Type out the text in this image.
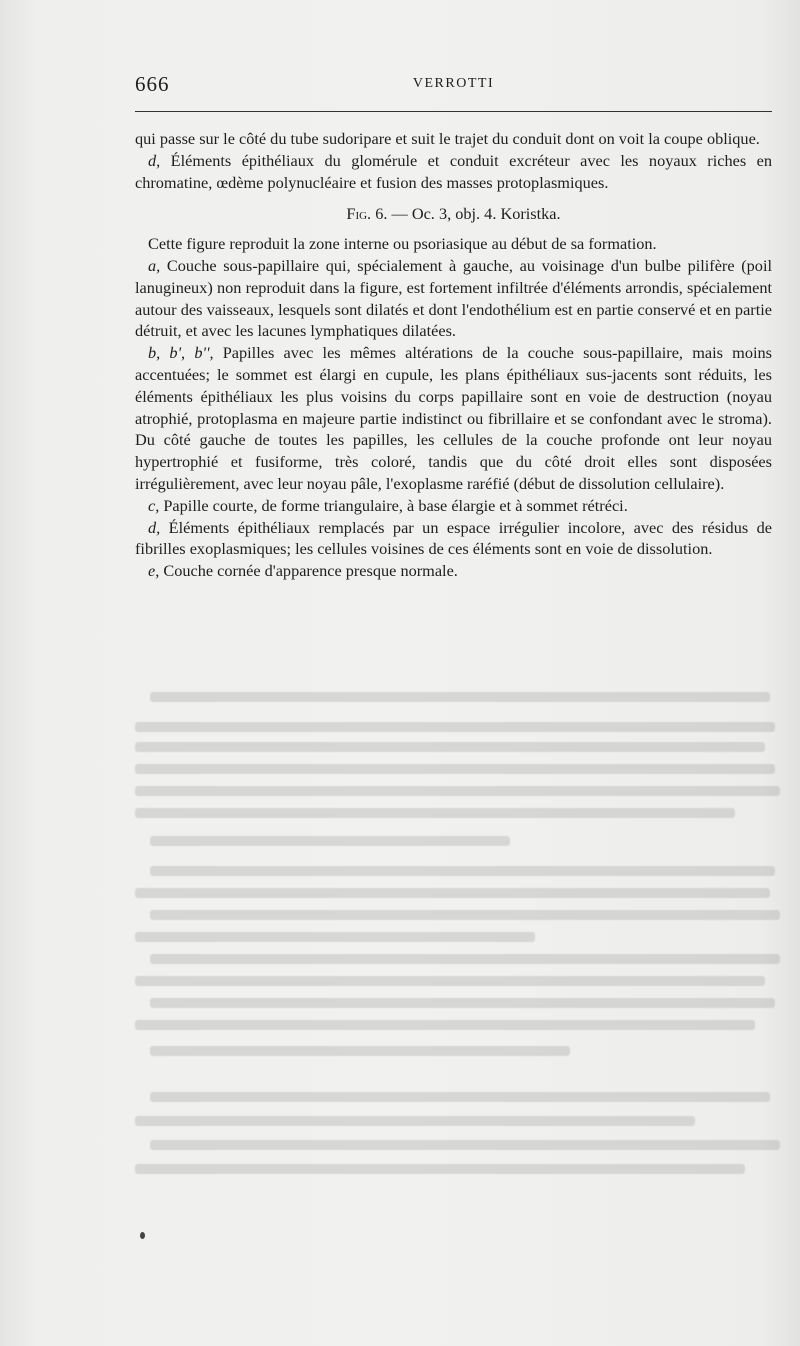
666	VERROTTI

qui passe sur le côté du tube sudoripare et suit le trajet du conduit dont on voit la coupe oblique.

d, Éléments épithéliaux du glomérule et conduit excréteur avec les noyaux riches en chromatine, œdème polynucléaire et fusion des masses protoplasmiques.

Fig. 6. — Oc. 3, obj. 4. Koristka.

Cette figure reproduit la zone interne ou psoriasique au début de sa formation.

a, Couche sous-papillaire qui, spécialement à gauche, au voisinage d'un bulbe pilifère (poil lanugineux) non reproduit dans la figure, est fortement infiltrée d'éléments arrondis, spécialement autour des vaisseaux, lesquels sont dilatés et dont l'endothélium est en partie conservé et en partie détruit, et avec les lacunes lymphatiques dilatées.

b, b', b'', Papilles avec les mêmes altérations de la couche sous-papillaire, mais moins accentuées; le sommet est élargi en cupule, les plans épithéliaux sus-jacents sont réduits, les éléments épithéliaux les plus voisins du corps papillaire sont en voie de destruction (noyau atrophié, protoplasma en majeure partie indistinct ou fibrillaire et se confondant avec le stroma). Du côté gauche de toutes les papilles, les cellules de la couche profonde ont leur noyau hypertrophié et fusiforme, très coloré, tandis que du côté droit elles sont disposées irrégulièrement, avec leur noyau pâle, l'exoplasme raréfié (début de dissolution cellulaire).

c, Papille courte, de forme triangulaire, à base élargie et à sommet rétréci.

d, Éléments épithéliaux remplacés par un espace irrégulier incolore, avec des résidus de fibrilles exoplasmiques; les cellules voisines de ces éléments sont en voie de dissolution.

e, Couche cornée d'apparence presque normale.
